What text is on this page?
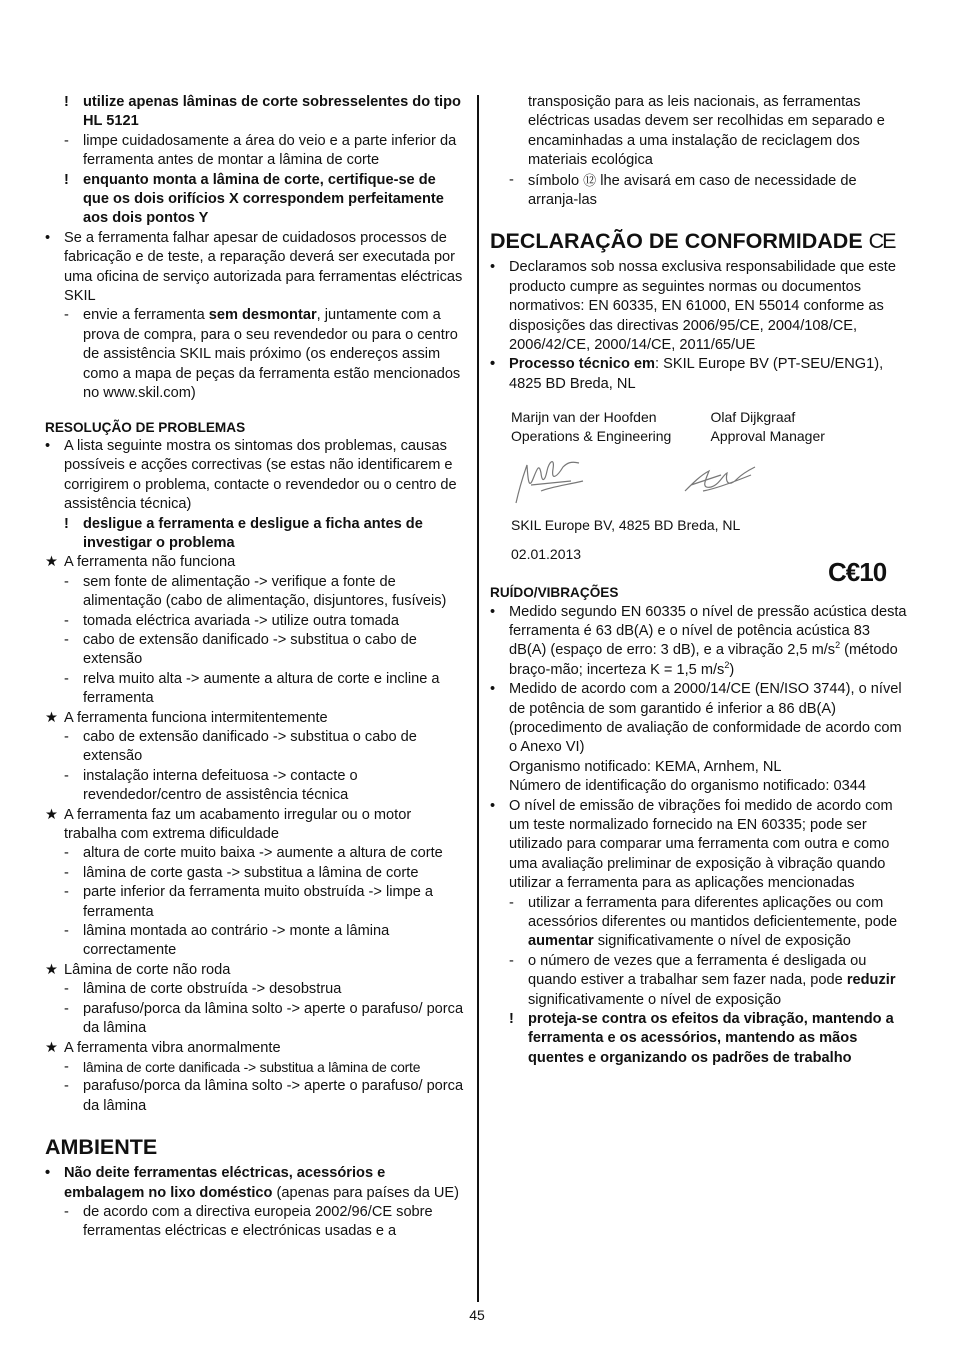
! utilize apenas lâminas de corte sobresselentes do tipo HL 5121
- limpe cuidadosamente a área do veio e a parte inferior da ferramenta antes de montar a lâmina de corte
! enquanto monta a lâmina de corte, certifique-se de que os dois orifícios X correspondem perfeitamente aos dois pontos Y
• Se a ferramenta falhar apesar de cuidadosos processos de fabricação e de teste, a reparação deverá ser executada por uma oficina de serviço autorizada para ferramentas eléctricas SKIL
- envie a ferramenta sem desmontar, juntamente com a prova de compra, para o seu revendedor ou para o centro de assistência SKIL mais próximo (os endereços assim como a mapa de peças da ferramenta estão mencionados no www.skil.com)
RESOLUÇÃO DE PROBLEMAS
• A lista seguinte mostra os sintomas dos problemas, causas possíveis e acções correctivas (se estas não identificarem e corrigirem o problema, contacte o revendedor ou o centro de assistência técnica)
! desligue a ferramenta e desligue a ficha antes de investigar o problema
★ A ferramenta não funciona
- sem fonte de alimentação -> verifique a fonte de alimentação (cabo de alimentação, disjuntores, fusíveis)
- tomada eléctrica avariada -> utilize outra tomada
- cabo de extensão danificado -> substitua o cabo de extensão
- relva muito alta -> aumente a altura de corte e incline a ferramenta
★ A ferramenta funciona intermitentemente
- cabo de extensão danificado -> substitua o cabo de extensão
- instalação interna defeituosa -> contacte o revendedor/centro de assistência técnica
★ A ferramenta faz um acabamento irregular ou o motor trabalha com extrema dificuldade
- altura de corte muito baixa -> aumente a altura de corte
- lâmina de corte gasta -> substitua a lâmina de corte
- parte inferior da ferramenta muito obstruída -> limpe a ferramenta
- lâmina montada ao contrário -> monte a lâmina correctamente
★ Lâmina de corte não roda
- lâmina de corte obstruída -> desobstrua
- parafuso/porca da lâmina solto -> aperte o parafuso/ porca da lâmina
★ A ferramenta vibra anormalmente
-	lâmina de corte danificada -> substitua a lâmina de corte
- parafuso/porca da lâmina solto -> aperte o parafuso/ porca da lâmina
AMBIENTE
• Não deite ferramentas eléctricas, acessórios e embalagem no lixo doméstico (apenas para países da UE)
- de acordo com a directiva europeia 2002/96/CE sobre ferramentas eléctricas e electrónicas usadas e a
transposição para as leis nacionais, as ferramentas eléctricas usadas devem ser recolhidas em separado e encaminhadas a uma instalação de reciclagem dos materiais ecológica
- símbolo ⑫ lhe avisará em caso de necessidade de arranja-las
DECLARAÇÃO DE CONFORMIDADE CE
• Declaramos sob nossa exclusiva responsabilidade que este producto cumpre as seguintes normas ou documentos normativos: EN 60335, EN 61000, EN 55014 conforme as disposições das directivas 2006/95/CE, 2004/108/CE, 2006/42/CE, 2000/14/CE, 2011/65/UE
• Processo técnico em: SKIL Europe BV (PT-SEU/ENG1), 4825 BD Breda, NL
Marijn van der Hoofden
Operations & Engineering
Olaf Dijkgraaf
Approval Manager
SKIL Europe BV, 4825 BD Breda, NL
02.01.2013
RUÍDO/VIBRAÇÕES
• Medido segundo EN 60335 o nível de pressão acústica desta ferramenta é 63 dB(A) e o nível de potência acústica 83 dB(A) (espaço de erro: 3 dB), e a vibração 2,5 $m/s^2$ (método braço-mão; incerteza K = 1,5 $m/s^2$)
• Medido de acordo com a 2000/14/CE (EN/ISO 3744), o nível de potência de som garantido é inferior a 86 dB(A) (procedimento de avaliação de conformidade de acordo com o Anexo VI)
Organismo notificado: KEMA, Arnhem, NL
Número de identificação do organismo notificado: 0344
• O nível de emissão de vibrações foi medido de acordo com um teste normalizado fornecido na EN 60335; pode ser utilizado para comparar uma ferramenta com outra e como uma avaliação preliminar de exposição à vibração quando utilizar a ferramenta para as aplicações mencionadas
- utilizar a ferramenta para diferentes aplicações ou com acessórios diferentes ou mantidos deficientemente, pode aumentar significativamente o nível de exposição
- o número de vezes que a ferramenta é desligada ou quando estiver a trabalhar sem fazer nada, pode reduzir significativamente o nível de exposição
! proteja-se contra os efeitos da vibração, mantendo a ferramenta e os acessórios, mantendo as mãos quentes e organizando os padrões de trabalho
C€10
45
